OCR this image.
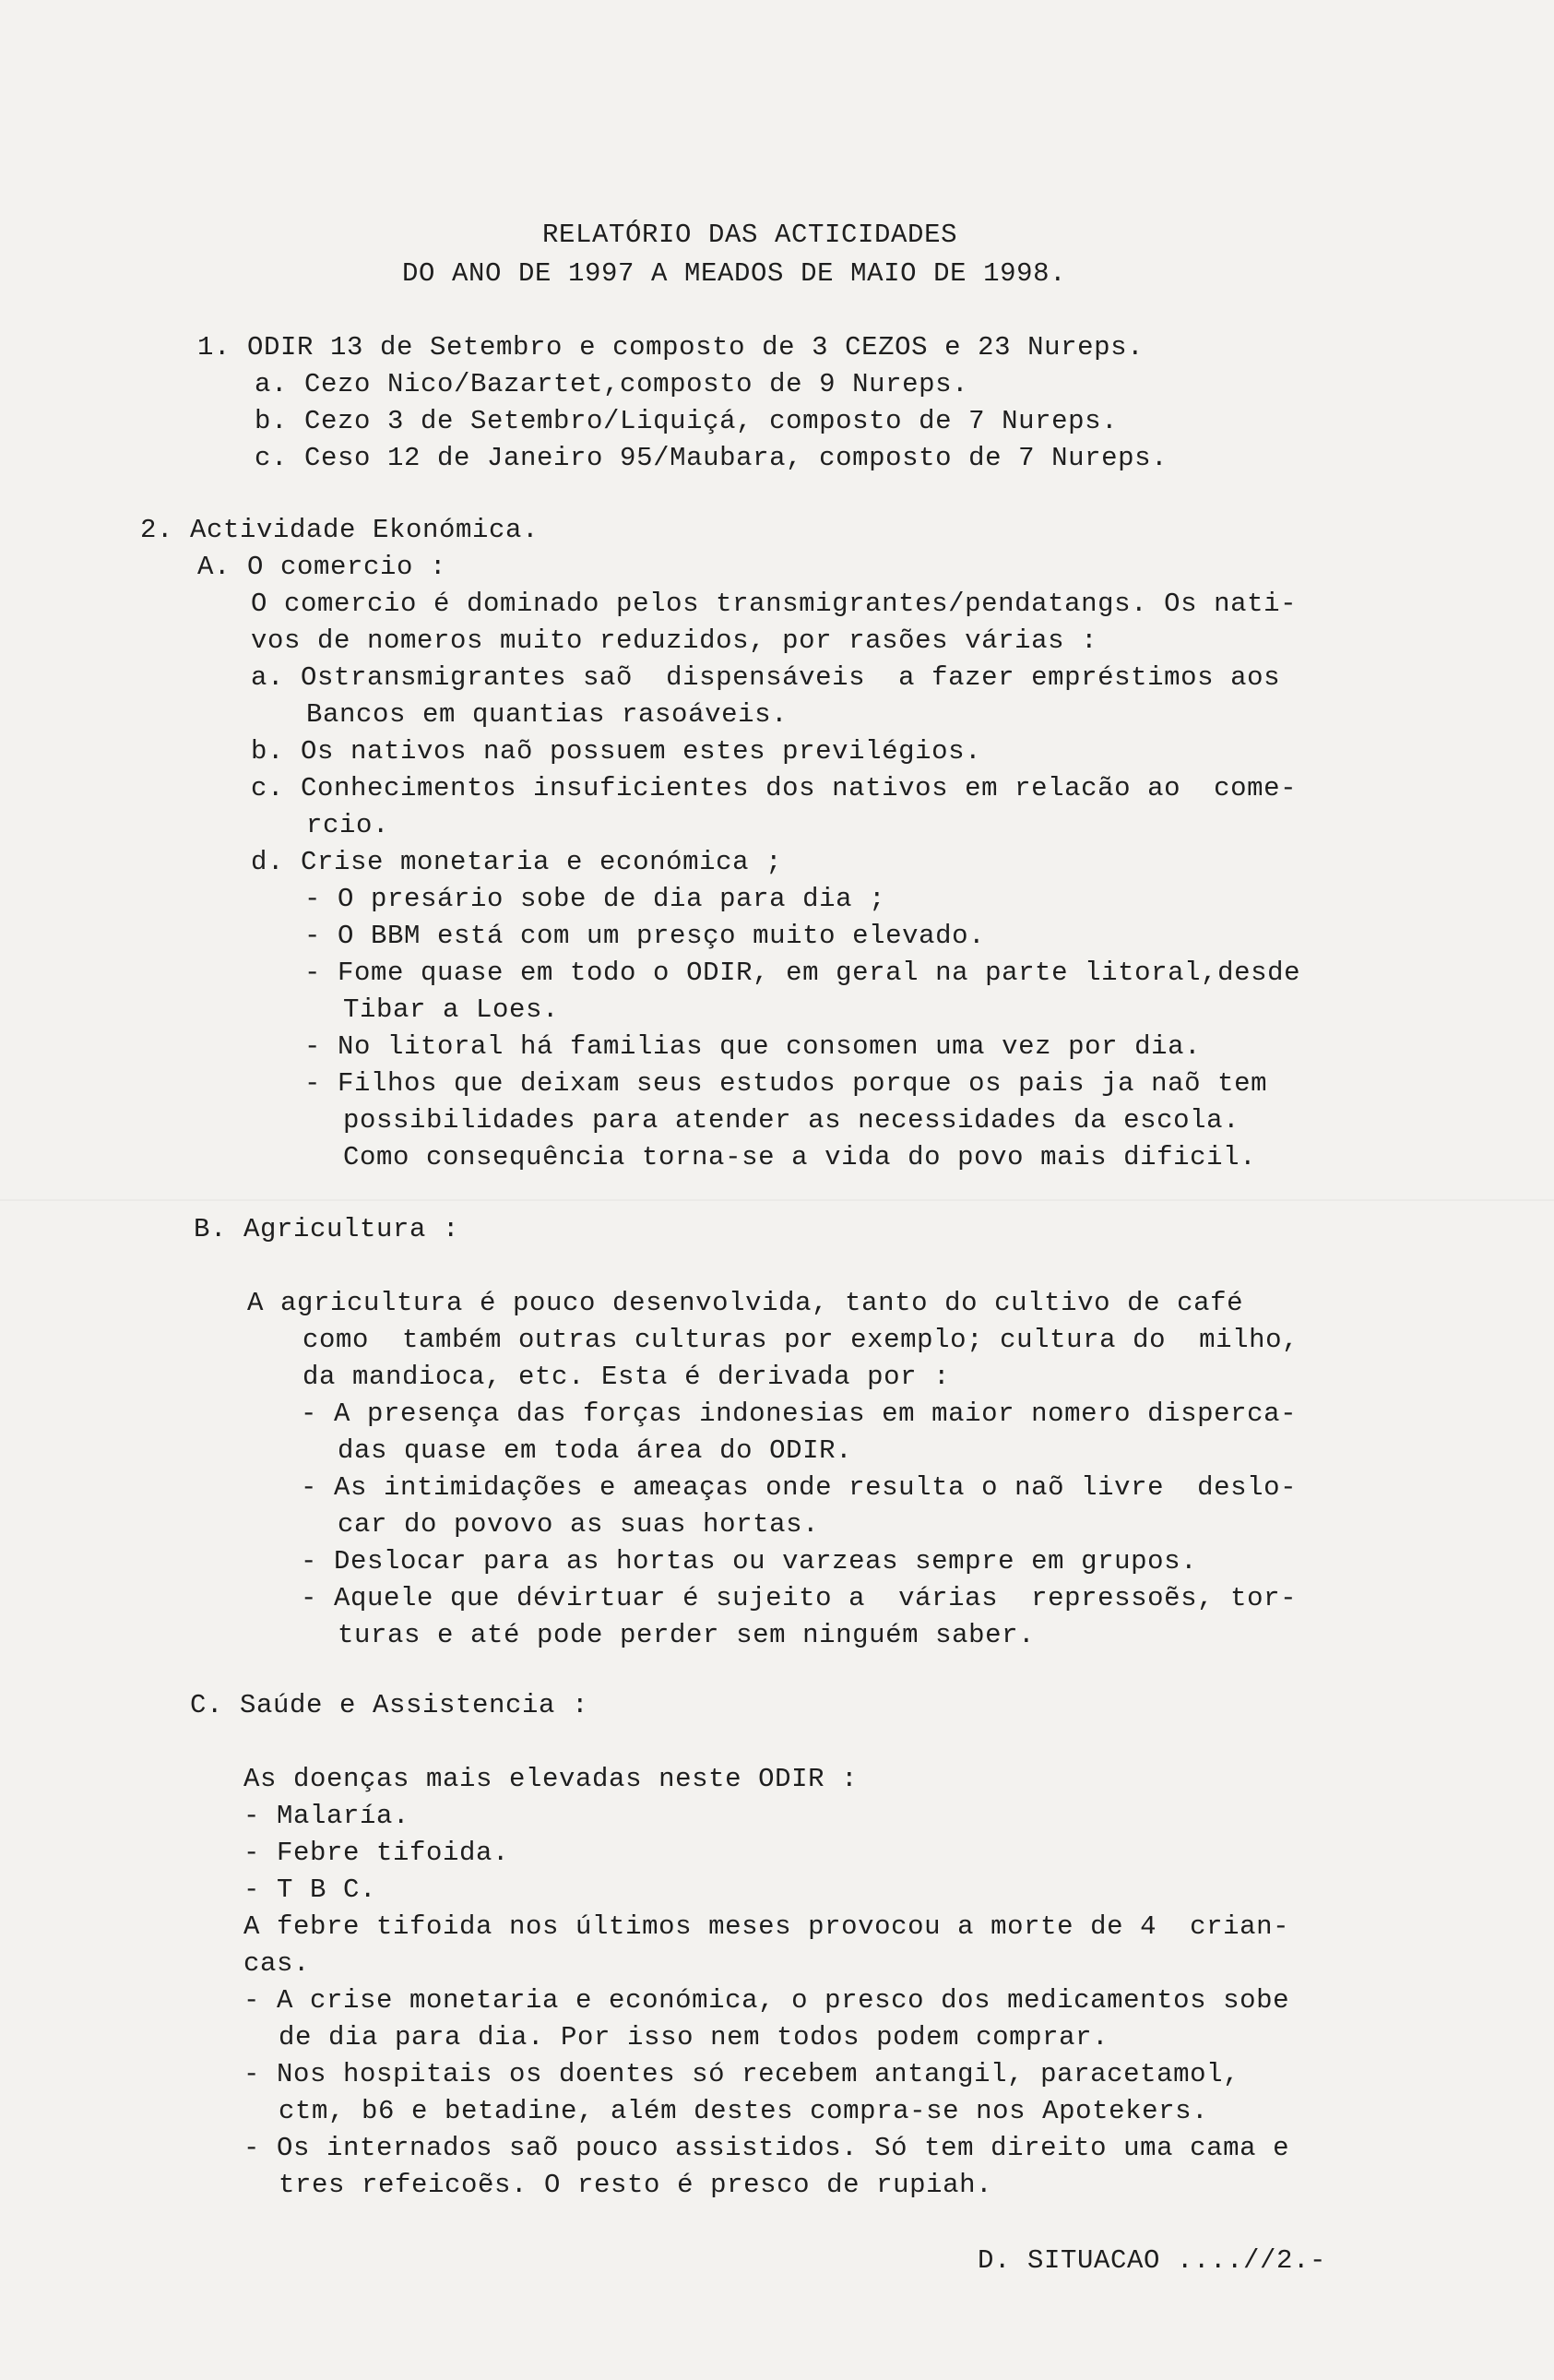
RELATÓRIO DAS ACTICIDADES
DO ANO DE 1997 A MEADOS DE MAIO DE 1998.
1. ODIR 13 de Setembro e composto de 3 CEZOS e 23 Nureps.
a. Cezo Nico/Bazartet,composto de 9 Nureps.
b. Cezo 3 de Setembro/Liquiçá, composto de 7 Nureps.
c. Ceso 12 de Janeiro 95/Maubara, composto de 7 Nureps.
2. Actividade Ekonómica.
A. O comercio :
O comercio é dominado pelos transmigrantes/pendatangs. Os nati-
vos de nomeros muito reduzidos, por rasões várias :
a. Ostransmigrantes saõ  dispensáveis  a fazer empréstimos aos
Bancos em quantias rasoáveis.
b. Os nativos naõ possuem estes previlégios.
c. Conhecimentos insuficientes dos nativos em relacão ao  come-
rcio.
d. Crise monetaria e económica ;
- O presário sobe de dia para dia ;
- O BBM está com um presço muito elevado.
- Fome quase em todo o ODIR, em geral na parte litoral,desde
Tibar a Loes.
- No litoral há familias que consomen uma vez por dia.
- Filhos que deixam seus estudos porque os pais ja naõ tem
possibilidades para atender as necessidades da escola.
Como consequência torna-se a vida do povo mais dificil.
B. Agricultura :
A agricultura é pouco desenvolvida, tanto do cultivo de café
como  também outras culturas por exemplo; cultura do  milho,
da mandioca, etc. Esta é derivada por :
- A presença das forças indonesias em maior nomero disperca-
das quase em toda área do ODIR.
- As intimidações e ameaças onde resulta o naõ livre  deslo-
car do povovo as suas hortas.
- Deslocar para as hortas ou varzeas sempre em grupos.
- Aquele que dévirtuar é sujeito a  várias  repressoẽs, tor-
turas e até pode perder sem ninguém saber.
C. Saúde e Assistencia :
As doenças mais elevadas neste ODIR :
- Malaría.
- Febre tifoida.
- T B C.
A febre tifoida nos últimos meses provocou a morte de 4  crian-
cas.
- A crise monetaria e económica, o presco dos medicamentos sobe
de dia para dia. Por isso nem todos podem comprar.
- Nos hospitais os doentes só recebem antangil, paracetamol,
ctm, b6 e betadine, além destes compra-se nos Apotekers.
- Os internados saõ pouco assistidos. Só tem direito uma cama e
tres refeicoẽs. O resto é presco de rupiah.
D. SITUACAO ....//2.-
